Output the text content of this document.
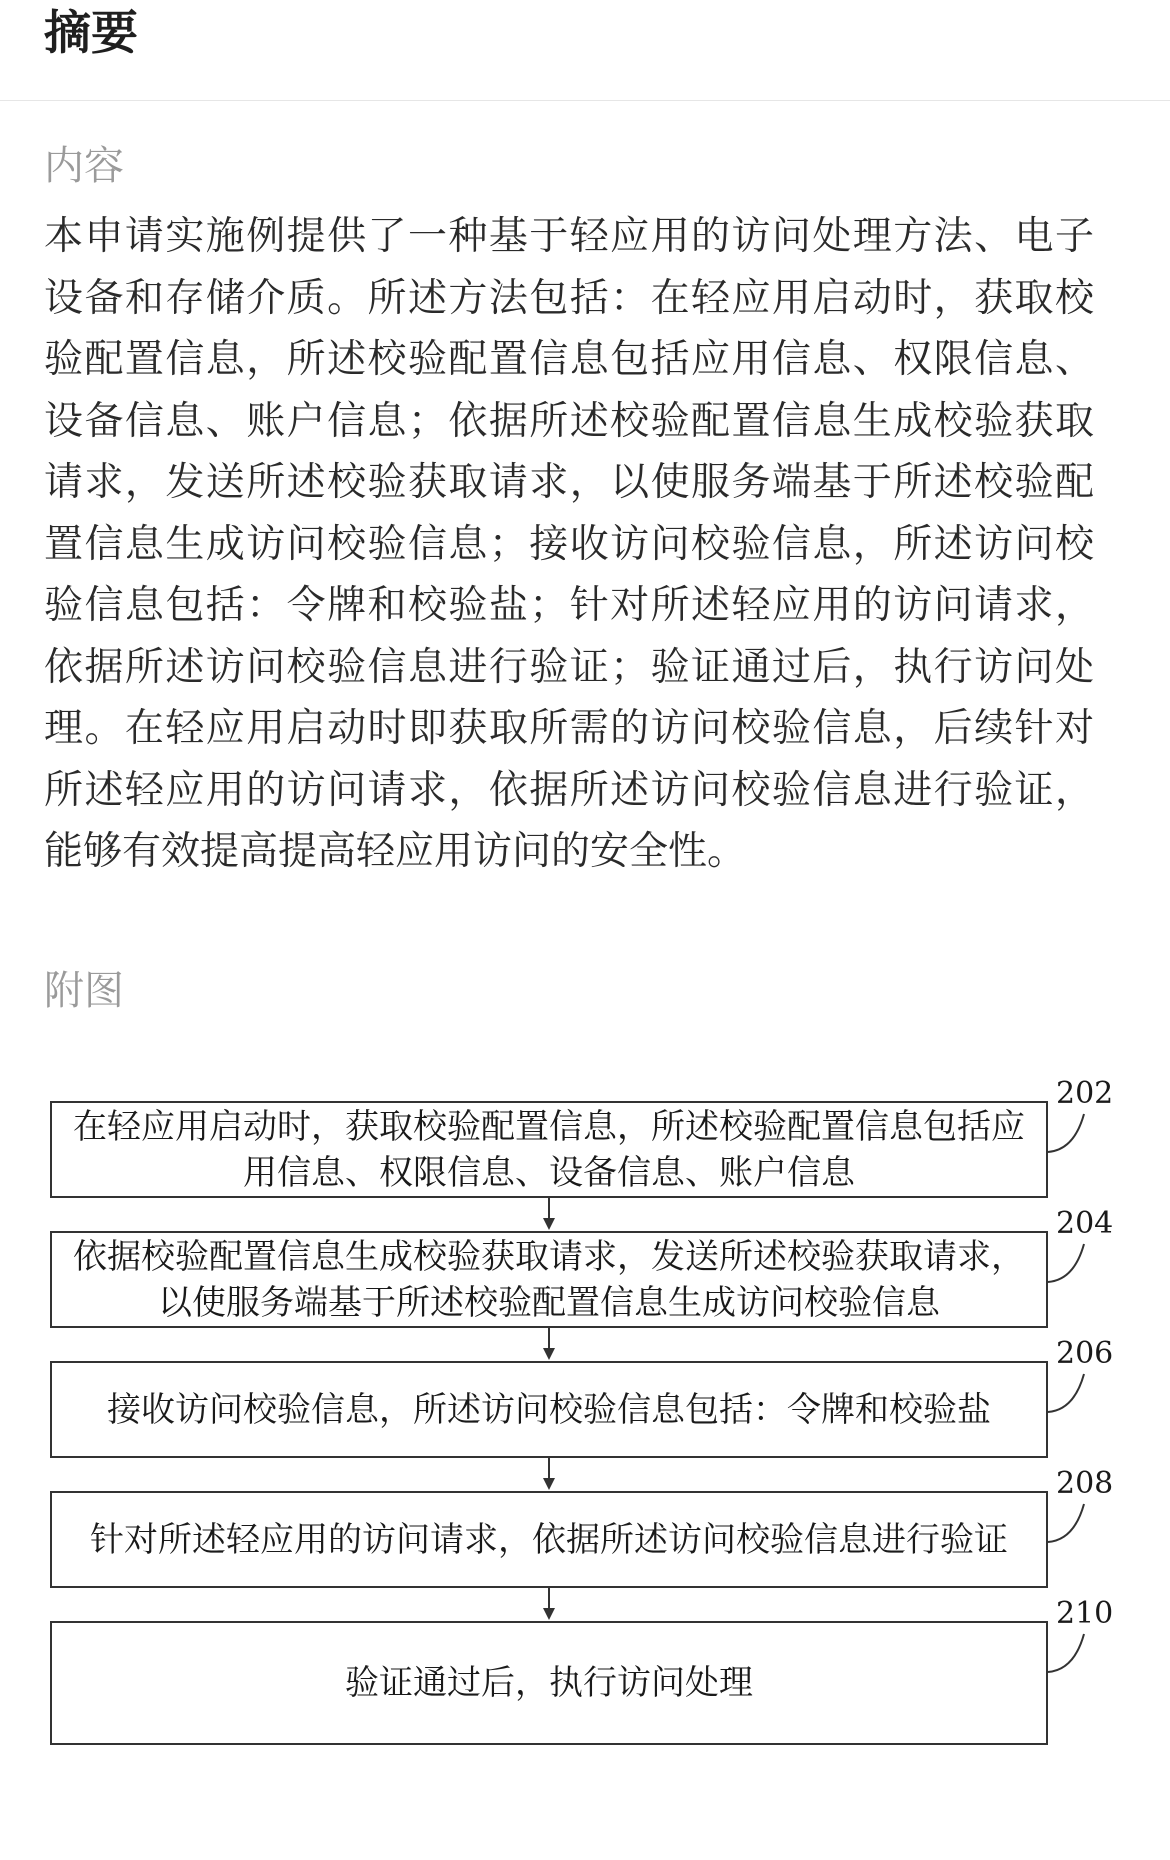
摘要
内容

本申请实施例提供了一种基于轻应用的访问处理方法、电子设备和存储介质。所述方法包括：在轻应用启动时，获取校验配置信息，所述校验配置信息包括应用信息、权限信息、设备信息、账户信息；依据所述校验配置信息生成校验获取请求，发送所述校验获取请求，以使服务端基于所述校验配置信息生成访问校验信息；接收访问校验信息，所述访问校验信息包括：令牌和校验盐；针对所述轻应用的访问请求，依据所述访问校验信息进行验证；验证通过后，执行访问处理。在轻应用启动时即获取所需的访问校验信息，后续针对所述轻应用的访问请求，依据所述访问校验信息进行验证，能够有效提高提高轻应用访问的安全性。

附图
在轻应用启动时，获取校验配置信息，所述校验配置信息包括应用信息、权限信息、设备信息、账户信息
202
依据校验配置信息生成校验获取请求，发送所述校验获取请求，以使服务端基于所述校验配置信息生成访问校验信息
204
接收访问校验信息，所述访问校验信息包括：令牌和校验盐
206
针对所述轻应用的访问请求，依据所述访问校验信息进行验证
208
验证通过后，执行访问处理
210
